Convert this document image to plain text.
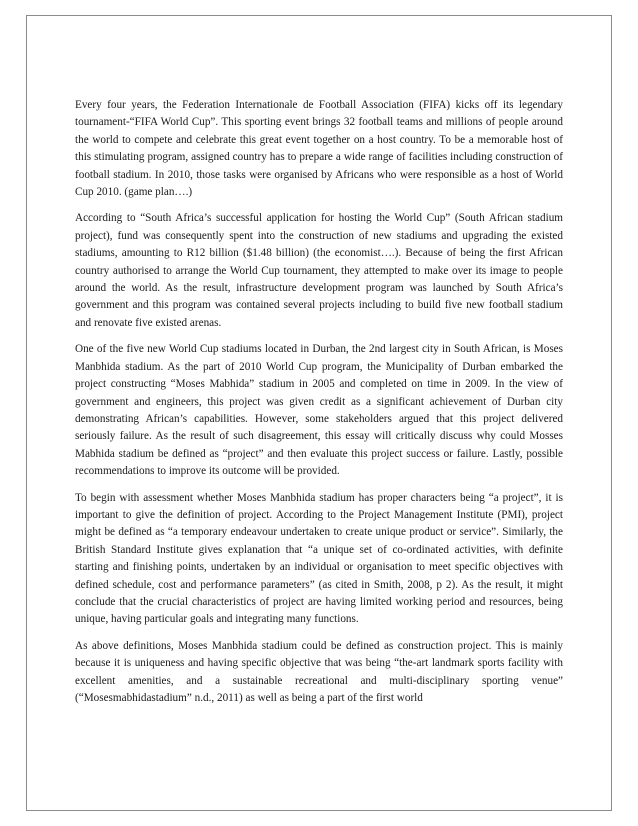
Every four years, the Federation Internationale de Football Association (FIFA) kicks off its legendary tournament-“FIFA World Cup”. This sporting event brings 32 football teams and millions of people around the world to compete and celebrate this great event together on a host country. To be a memorable host of this stimulating program, assigned country has to prepare a wide range of facilities including construction of football stadium. In 2010, those tasks were organised by Africans who were responsible as a host of World Cup 2010. (game plan….)

According to “South Africa’s successful application for hosting the World Cup” (South African stadium project), fund was consequently spent into the construction of new stadiums and upgrading the existed stadiums, amounting to R12 billion ($1.48 billion) (the economist….). Because of being the first African country authorised to arrange the World Cup tournament, they attempted to make over its image to people around the world. As the result, infrastructure development program was launched by South Africa’s government and this program was contained several projects including to build five new football stadium and renovate five existed arenas.

One of the five new World Cup stadiums located in Durban, the 2nd largest city in South African, is Moses Manbhida stadium. As the part of 2010 World Cup program, the Municipality of Durban embarked the project constructing “Moses Mabhida” stadium in 2005 and completed on time in 2009. In the view of government and engineers, this project was given credit as a significant achievement of Durban city demonstrating African’s capabilities. However, some stakeholders argued that this project delivered seriously failure. As the result of such disagreement, this essay will critically discuss why could Mosses Mabhida stadium be defined as “project” and then evaluate this project success or failure. Lastly, possible recommendations to improve its outcome will be provided.

To begin with assessment whether Moses Manbhida stadium has proper characters being “a project”, it is important to give the definition of project. According to the Project Management Institute (PMI), project might be defined as “a temporary endeavour undertaken to create unique product or service”. Similarly, the British Standard Institute gives explanation that “a unique set of co-ordinated activities, with definite starting and finishing points, undertaken by an individual or organisation to meet specific objectives with defined schedule, cost and performance parameters” (as cited in Smith, 2008, p 2). As the result, it might conclude that the crucial characteristics of project are having limited working period and resources, being unique, having particular goals and integrating many functions.

As above definitions, Moses Manbhida stadium could be defined as construction project. This is mainly because it is uniqueness and having specific objective that was being “the-art landmark sports facility with excellent amenities, and a sustainable recreational and multi-disciplinary sporting venue” (“Mosesmabhidastadium” n.d., 2011) as well as being a part of the first world
